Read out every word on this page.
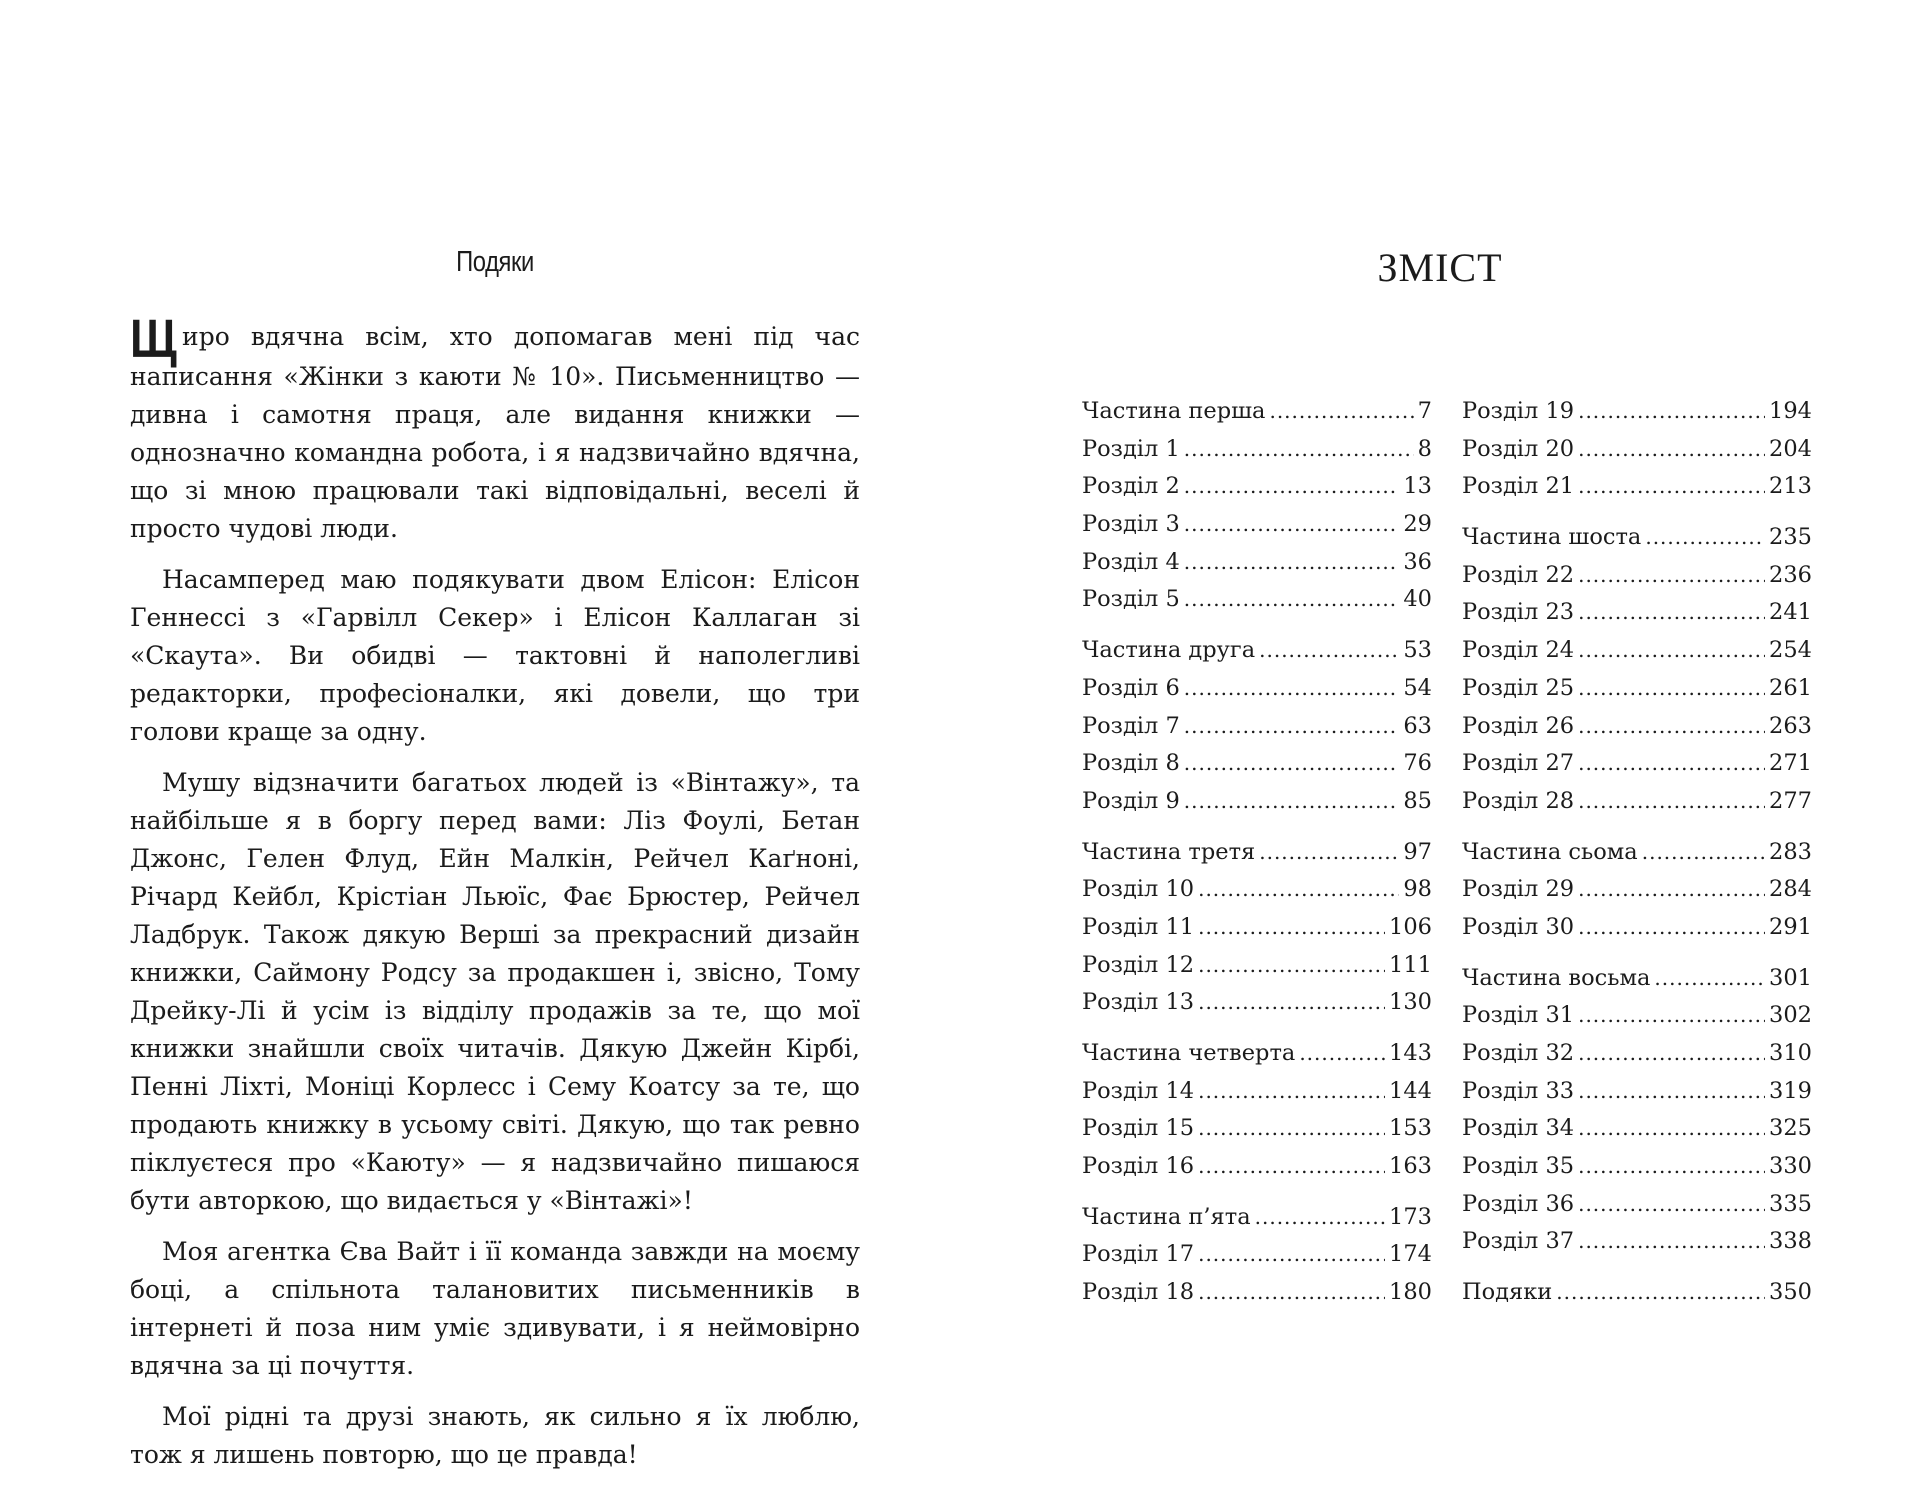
Подяки

Щиро вдячна всім, хто допомагав мені під час написання «Жінки з каюти № 10». Письменництво — дивна і самотня праця, але видання книжки — однозначно командна робота, і я надзвичайно вдячна, що зі мною працювали такі відповідальні, веселі й просто чудові люди.

Насамперед маю подякувати двом Елісон: Елісон Геннессі з «Гарвілл Секер» і Елісон Каллаган зі «Скаута». Ви обидві — тактовні й наполегливі редакторки, професіоналки, які довели, що три голови краще за одну.

Мушу відзначити багатьох людей із «Вінтажу», та найбільше я в боргу перед вами: Ліз Фоулі, Бетан Джонс, Гелен Флуд, Ейн Малкін, Рейчел Каґноні, Річард Кейбл, Крістіан Льюїс, Фає Брюстер, Рейчел Ладбрук. Також дякую Верші за прекрасний дизайн книжки, Саймону Родсу за продакшен і, звісно, Тому Дрейку-Лі й усім із відділу продажів за те, що мої книжки знайшли своїх читачів. Дякую Джейн Кірбі, Пенні Ліхті, Моніці Корлесс і Сему Коатсу за те, що продають книжку в усьому світі. Дякую, що так ревно піклуєтеся про «Каюту» — я надзвичайно пишаюся бути авторкою, що видається у «Вінтажі»!

Моя агентка Єва Вайт і її команда завжди на моєму боці, а спільнота талановитих письменників в інтернеті й поза ним уміє здивувати, і я неймовірно вдячна за ці почуття.

Мої рідні та друзі знають, як сильно я їх люблю, тож я лишень повторю, що це правда!

ЗМІСТ
Частина перша .....	7
Розділ 1 .....	8
Розділ 2 .....	13
Розділ 3 .....	29
Розділ 4 .....	36
Розділ 5 .....	40
Частина друга .....	53
Розділ 6 .....	54
Розділ 7 .....	63
Розділ 8 .....	76
Розділ 9 .....	85
Частина третя .....	97
Розділ 10 .....	98
Розділ 11 .....	106
Розділ 12 .....	111
Розділ 13 .....	130
Частина четверта .....	143
Розділ 14 .....	144
Розділ 15 .....	153
Розділ 16 .....	163
Частина п’ята .....	173
Розділ 17 .....	174
Розділ 18 .....	180
Розділ 19 .....	194
Розділ 20 .....	204
Розділ 21 .....	213
Частина шоста .....	235
Розділ 22 .....	236
Розділ 23 .....	241
Розділ 24 .....	254
Розділ 25 .....	261
Розділ 26 .....	263
Розділ 27 .....	271
Розділ 28 .....	277
Частина сьома .....	283
Розділ 29 .....	284
Розділ 30 .....	291
Частина восьма .....	301
Розділ 31 .....	302
Розділ 32 .....	310
Розділ 33 .....	319
Розділ 34 .....	325
Розділ 35 .....	330
Розділ 36 .....	335
Розділ 37 .....	338
Подяки .....	350
